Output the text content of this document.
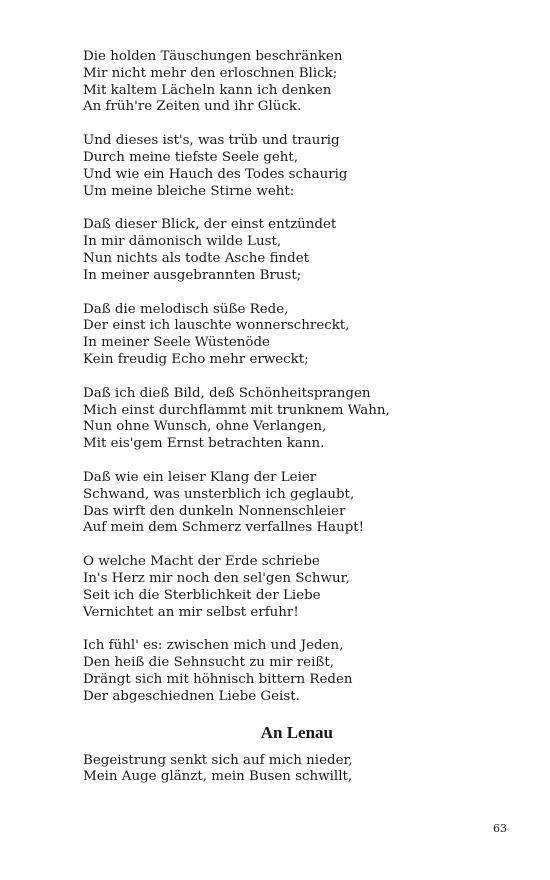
Die holden Täuschungen beschränken
Mir nicht mehr den erloschnen Blick;
Mit kaltem Lächeln kann ich denken
An früh're Zeiten und ihr Glück.
Und dieses ist's, was trüb und traurig
Durch meine tiefste Seele geht,
Und wie ein Hauch des Todes schaurig
Um meine bleiche Stirne weht:
Daß dieser Blick, der einst entzündet
In mir dämonisch wilde Lust,
Nun nichts als todte Asche findet
In meiner ausgebrannten Brust;
Daß die melodisch süße Rede,
Der einst ich lauschte wonnerschreckt,
In meiner Seele Wüstenöde
Kein freudig Echo mehr erweckt;
Daß ich dieß Bild, deß Schönheitsprangen
Mich einst durchflammt mit trunknem Wahn,
Nun ohne Wunsch, ohne Verlangen,
Mit eis'gem Ernst betrachten kann.
Daß wie ein leiser Klang der Leier
Schwand, was unsterblich ich geglaubt,
Das wirft den dunkeln Nonnenschleier
Auf mein dem Schmerz verfallnes Haupt!
O welche Macht der Erde schriebe
In's Herz mir noch den sel'gen Schwur,
Seit ich die Sterblichkeit der Liebe
Vernichtet an mir selbst erfuhr!
Ich fühl' es: zwischen mich und Jeden,
Den heiß die Sehnsucht zu mir reißt,
Drängt sich mit höhnisch bittern Reden
Der abgeschiednen Liebe Geist.
An Lenau
Begeistrung senkt sich auf mich nieder,
Mein Auge glänzt, mein Busen schwillt,
63
